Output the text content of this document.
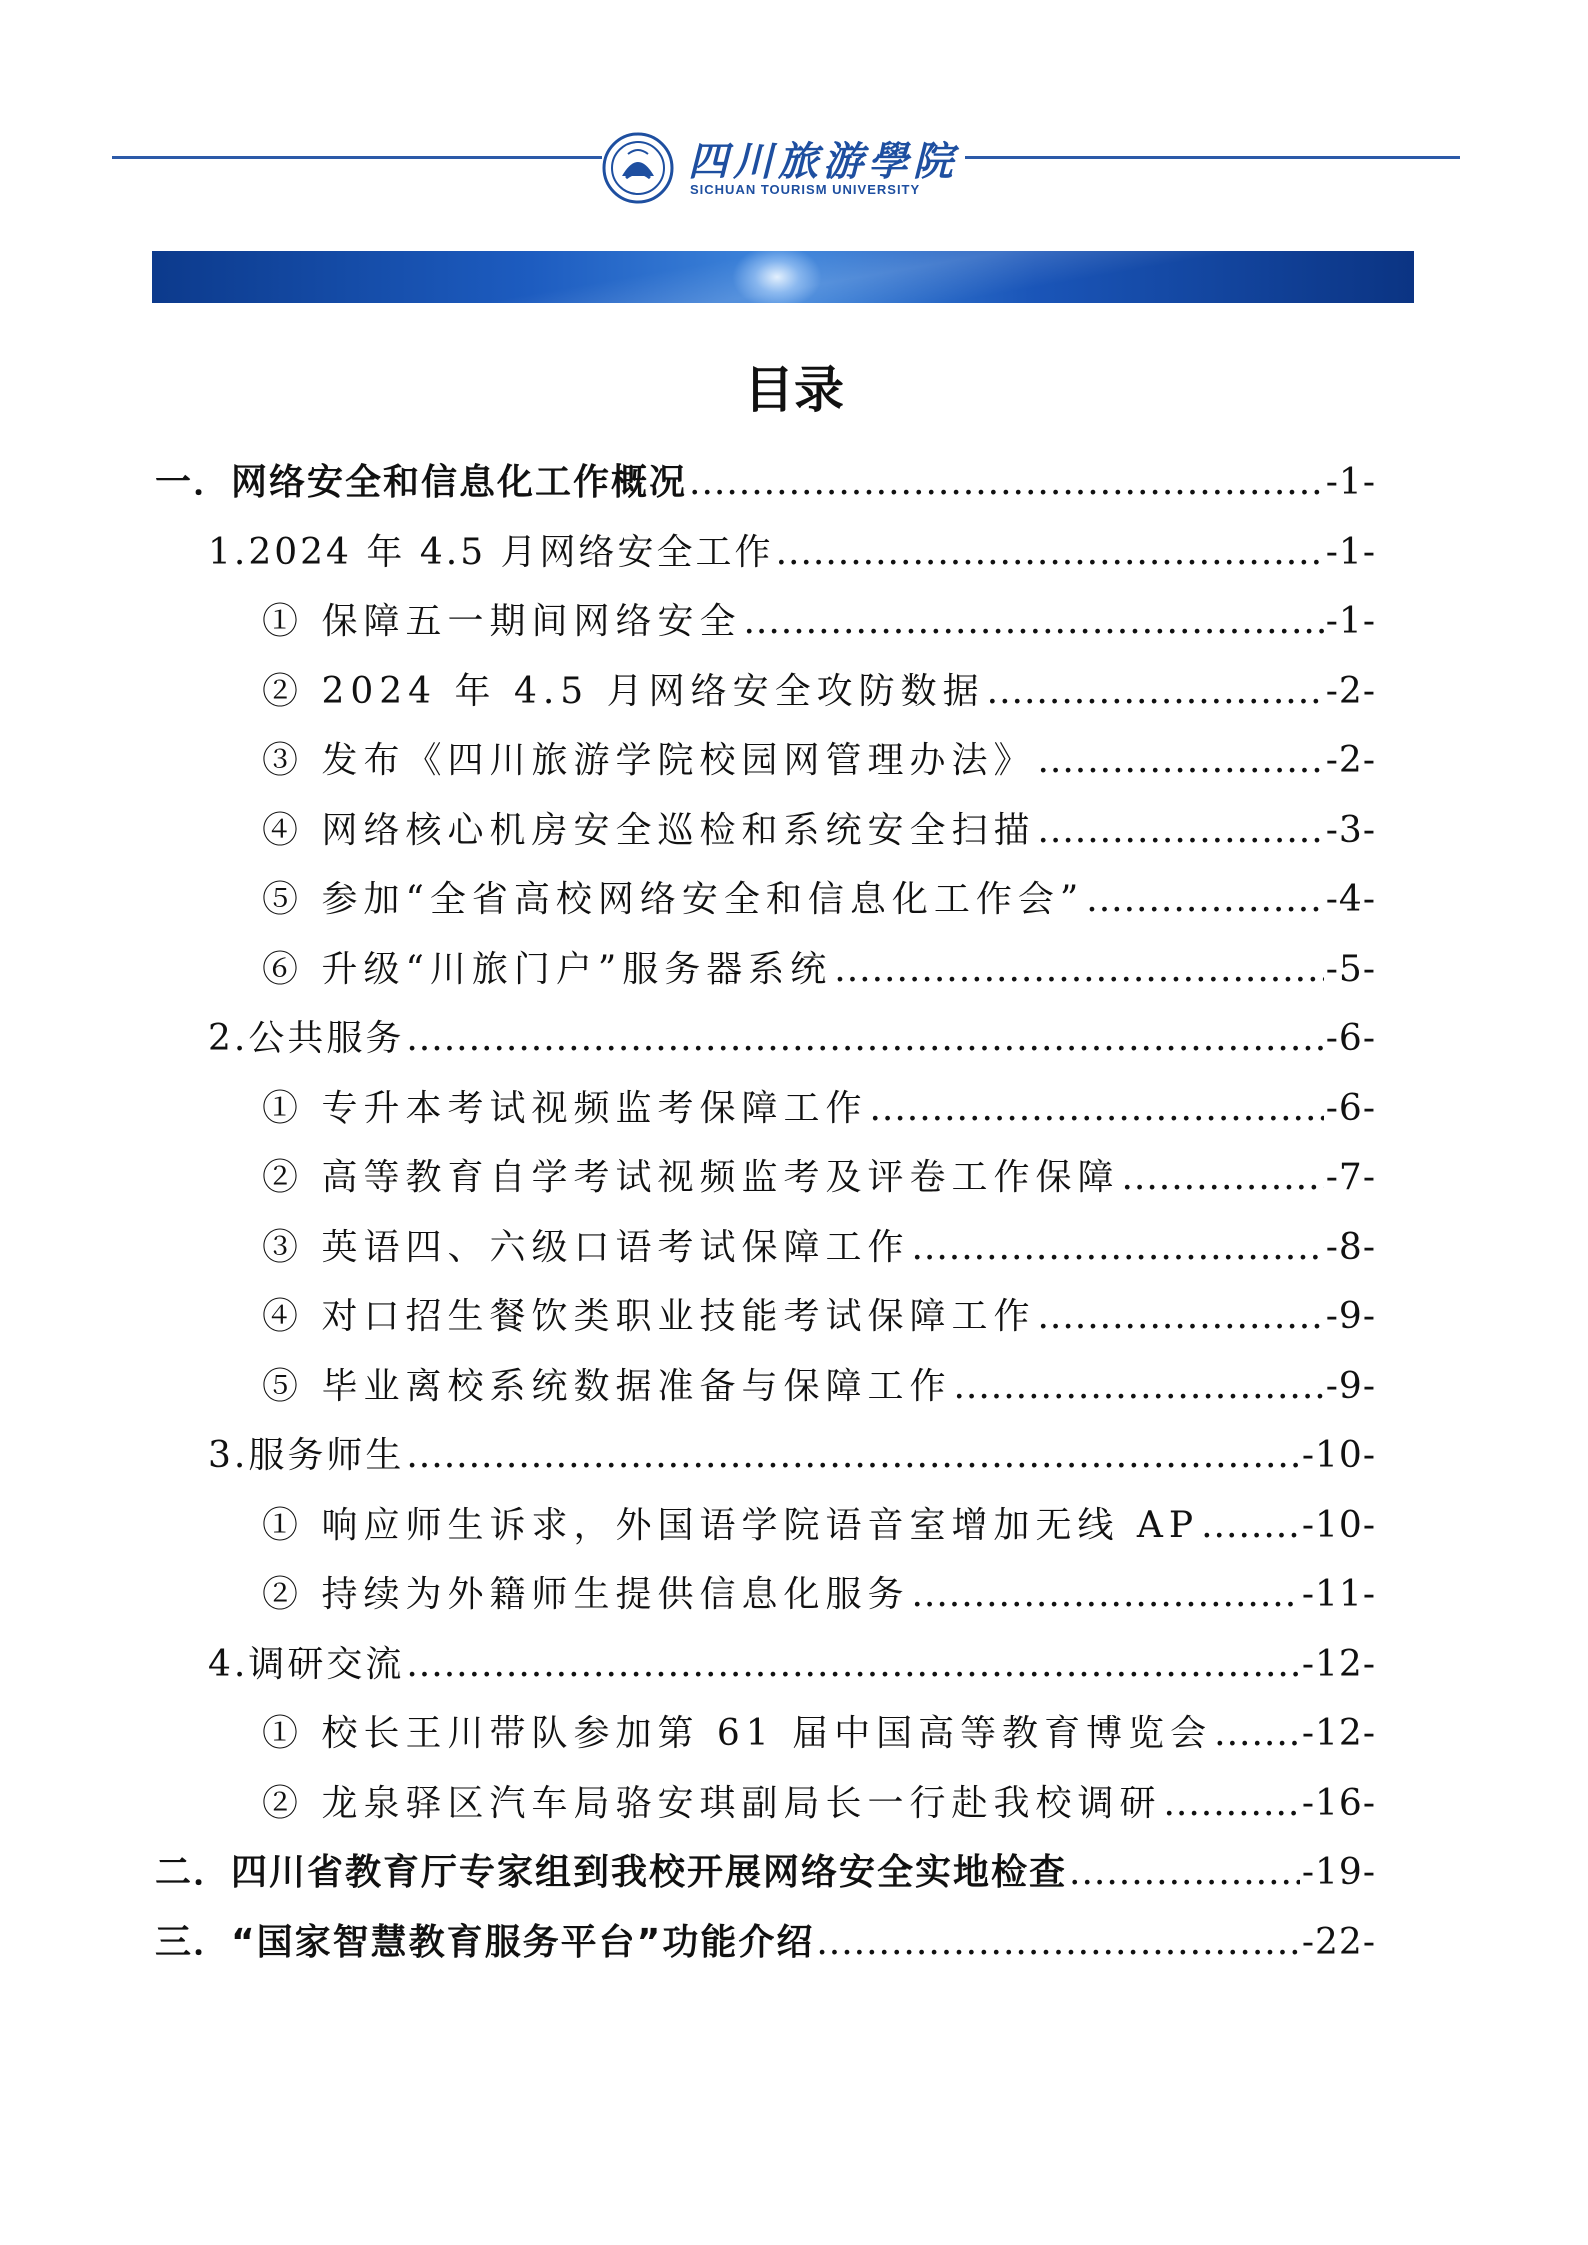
四川旅游學院
SICHUAN TOURISM UNIVERSITY
目录
一．网络安全和信息化工作概况 .....	-1-
1.2024 年 4.5 月网络安全工作 .....	-1-
① 保障五一期间网络安全 .....	-1-
② 2024 年 4.5 月网络安全攻防数据 .....	-2-
③ 发布《四川旅游学院校园网管理办法》 .....	-2-
④ 网络核心机房安全巡检和系统安全扫描 .....	-3-
⑤ 参加“全省高校网络安全和信息化工作会” .....	-4-
⑥ 升级“川旅门户”服务器系统 .....	-5-
2.公共服务 .....	-6-
① 专升本考试视频监考保障工作 .....	-6-
② 高等教育自学考试视频监考及评卷工作保障 .....	-7-
③ 英语四、六级口语考试保障工作 .....	-8-
④ 对口招生餐饮类职业技能考试保障工作 .....	-9-
⑤ 毕业离校系统数据准备与保障工作 .....	-9-
3.服务师生 .....	-10-
① 响应师生诉求，外国语学院语音室增加无线 AP .....	-10-
② 持续为外籍师生提供信息化服务 .....	-11-
4.调研交流 .....	-12-
① 校长王川带队参加第 61 届中国高等教育博览会 ..... -12-
② 龙泉驿区汽车局骆安琪副局长一行赴我校调研 .....	-16-
二．四川省教育厅专家组到我校开展网络安全实地检查 .....	-19-
三．“国家智慧教育服务平台”功能介绍 .....	-22-
